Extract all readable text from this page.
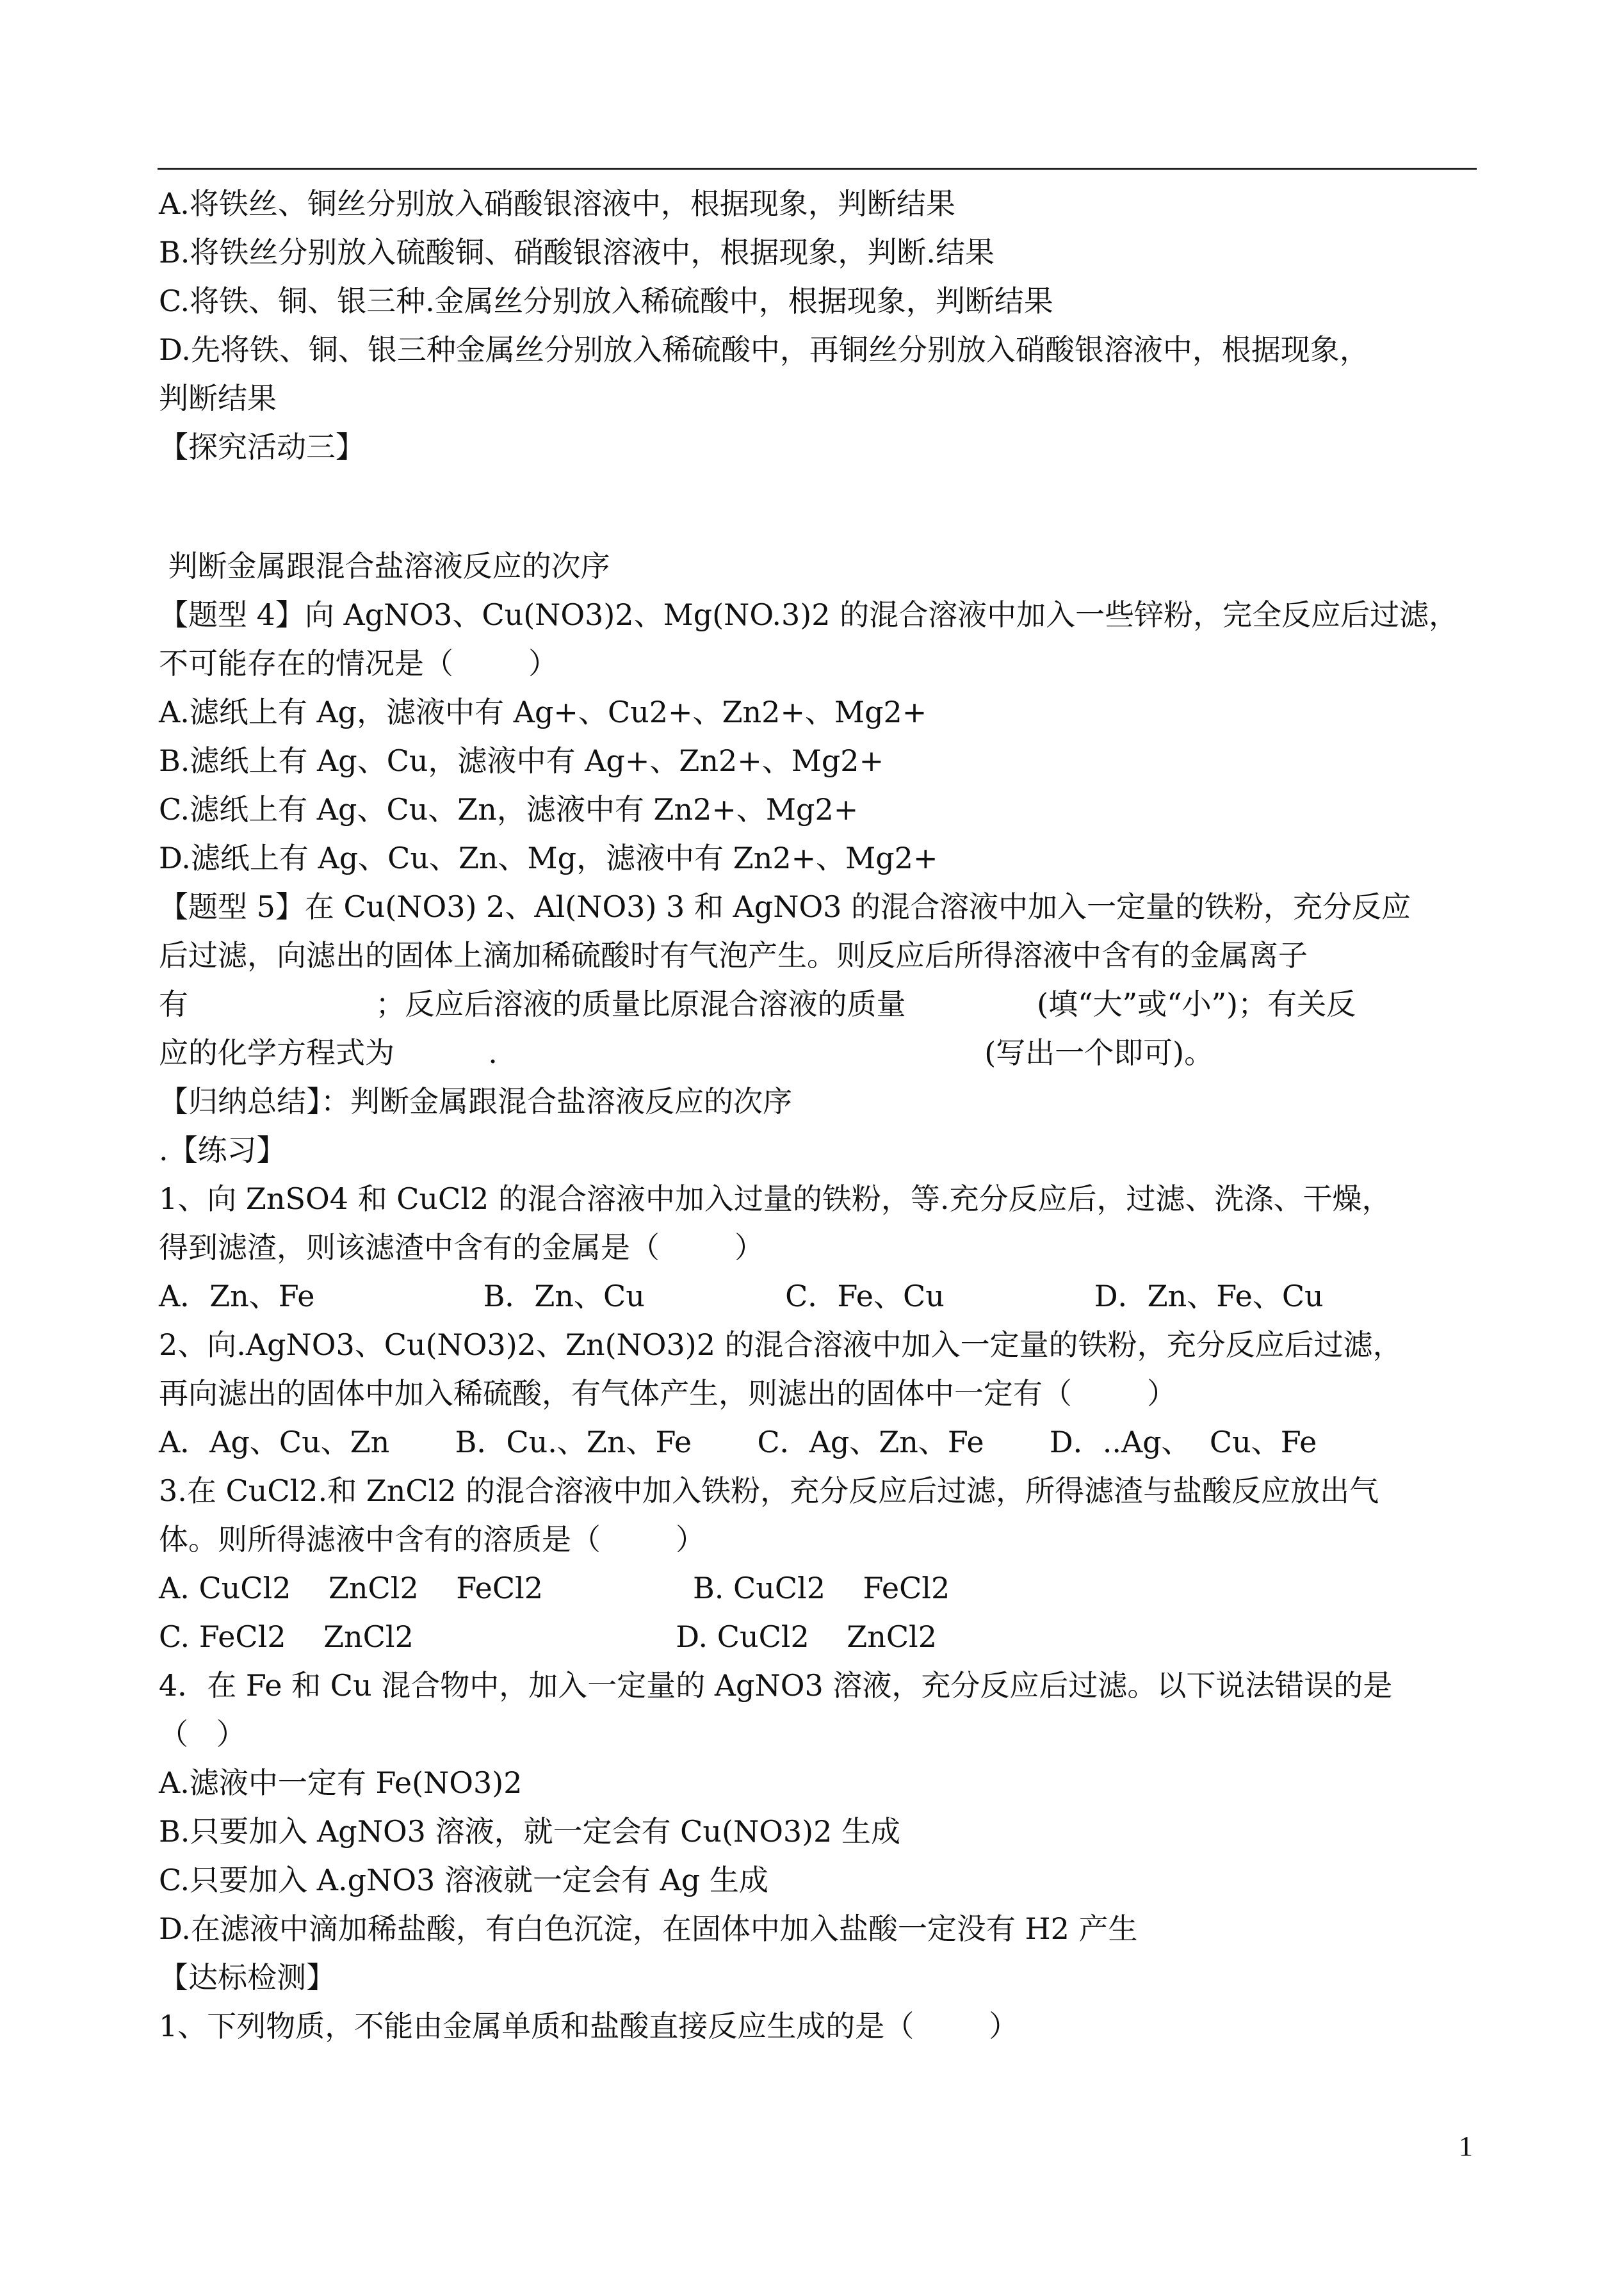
A.将铁丝、铜丝分别放入硝酸银溶液中，根据现象，判断结果

B.将铁丝分别放入硫酸铜、硝酸银溶液中，根据现象，判断.结果

C.将铁、铜、银三种.金属丝分别放入稀硫酸中，根据现象，判断结果

D.先将铁、铜、银三种金属丝分别放入稀硫酸中，再铜丝分别放入硝酸银溶液中，根据现象，

判断结果

【探究活动三】

判断金属跟混合盐溶液反应的次序

【题型 4】向 AgNO3、Cu(NO3)2、Mg(NO.3)2 的混合溶液中加入一些锌粉，完全反应后过滤，

不可能存在的情况是（        ）

A.滤纸上有 Ag，滤液中有 Ag+、Cu2+、Zn2+、Mg2+

B.滤纸上有 Ag、Cu，滤液中有 Ag+、Zn2+、Mg2+

C.滤纸上有 Ag、Cu、Zn，滤液中有 Zn2+、Mg2+

D.滤纸上有 Ag、Cu、Zn、Mg，滤液中有 Zn2+、Mg2+

【题型 5】在 Cu(NO3) 2、Al(NO3) 3 和 AgNO3 的混合溶液中加入一定量的铁粉，充分反应

后过滤，向滤出的固体上滴加稀硫酸时有气泡产生。则反应后所得溶液中含有的金属离子

有                    ；反应后溶液的质量比原混合溶液的质量              (填“大”或“小”)；有关反

应的化学方程式为          .                                                    (写出一个即可)。

【归纳总结】：判断金属跟混合盐溶液反应的次序

.【练习】

1、向 ZnSO4 和 CuCl2 的混合溶液中加入过量的铁粉，等.充分反应后，过滤、洗涤、干燥，

得到滤渣，则该滤渣中含有的金属是（        ）

A．Zn、Fe                  B．Zn、Cu               C．Fe、Cu                D．Zn、Fe、Cu

2、向.AgNO3、Cu(NO3)2、Zn(NO3)2 的混合溶液中加入一定量的铁粉，充分反应后过滤，

再向滤出的固体中加入稀硫酸，有气体产生，则滤出的固体中一定有（        ）

A．Ag、Cu、Zn       B．Cu.、Zn、Fe       C．Ag、Zn、Fe       D．..Ag、  Cu、Fe

3.在 CuCl2.和 ZnCl2 的混合溶液中加入铁粉，充分反应后过滤，所得滤渣与盐酸反应放出气

体。则所得滤液中含有的溶质是（        ）

A. CuCl2    ZnCl2    FeCl2                B. CuCl2    FeCl2

C. FeCl2    ZnCl2                            D. CuCl2    ZnCl2

4．在 Fe 和 Cu 混合物中，加入一定量的 AgNO3 溶液，充分反应后过滤。以下说法错误的是

（   ）

A.滤液中一定有 Fe(NO3)2

B.只要加入 AgNO3 溶液，就一定会有 Cu(NO3)2 生成

C.只要加入 A.gNO3 溶液就一定会有 Ag 生成

D.在滤液中滴加稀盐酸，有白色沉淀，在固体中加入盐酸一定没有 H2 产生

【达标检测】

1、下列物质，不能由金属单质和盐酸直接反应生成的是（        ）

1
